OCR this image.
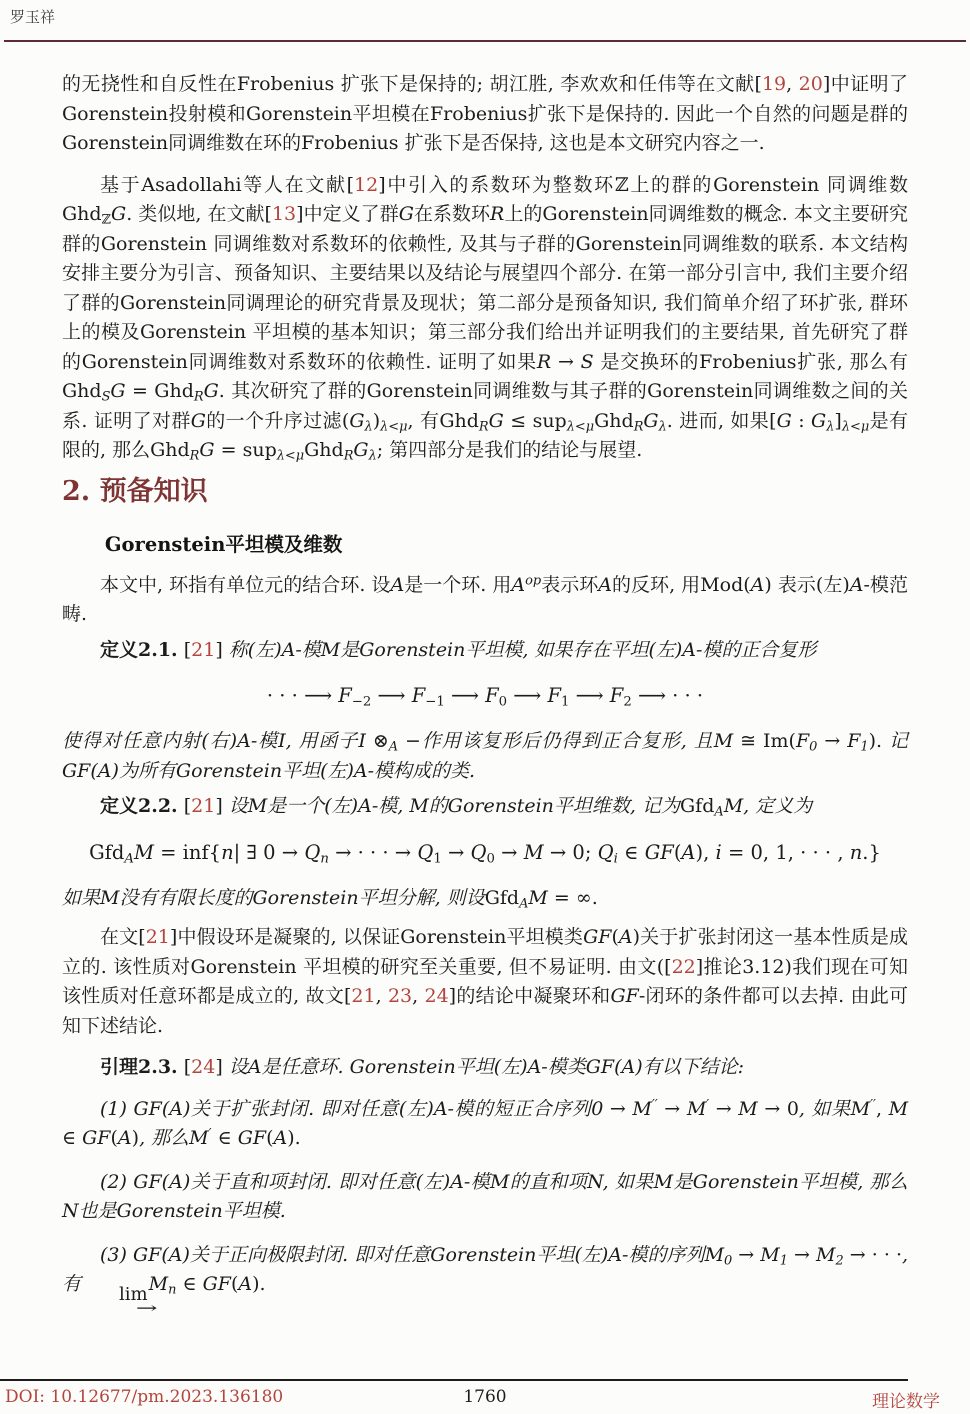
罗玉祥

的无挠性和自反性在Frobenius 扩张下是保持的; 胡江胜, 李欢欢和任伟等在文献[19, 20]中证明了Gorenstein投射模和Gorenstein平坦模在Frobenius扩张下是保持的. 因此一个自然的问题是群的Gorenstein同调维数在环的Frobenius 扩张下是否保持, 这也是本文研究内容之一.

基于Asadollahi等人在文献[12]中引入的系数环为整数环ℤ上的群的Gorenstein 同调维数Ghd$_ℤ$G. 类似地, 在文献[13]中定义了群G在系数环R上的Gorenstein同调维数的概念. 本文主要研究群的Gorenstein 同调维数对系数环的依赖性, 及其与子群的Gorenstein同调维数的联系. 本文结构安排主要分为引言、预备知识、主要结果以及结论与展望四个部分. 在第一部分引言中, 我们主要介绍了群的Gorenstein同调理论的研究背景及现状；第二部分是预备知识, 我们简单介绍了环扩张, 群环上的模及Gorenstein 平坦模的基本知识；第三部分我们给出并证明我们的主要结果, 首先研究了群的Gorenstein同调维数对系数环的依赖性. 证明了如果R → S 是交换环的Frobenius扩张, 那么有Ghd$_S$G = Ghd$_R$G. 其次研究了群的Gorenstein同调维数与其子群的Gorenstein同调维数之间的关系. 证明了对群G的一个升序过滤$(G_\lambda)_{\lambda<\mu}$, 有$Ghd_RG \le sup_{\lambda<\mu}Ghd_RG_\lambda$. 进而, 如果[G : $G_\lambda]_{\lambda<\mu}$是有限的, 那么$Ghd_RG = sup_{\lambda<\mu}Ghd_RG_\lambda$; 第四部分是我们的结论与展望.

2. 预备知识
Gorenstein平坦模及维数

本文中, 环指有单位元的结合环. 设A是一个环. 用$A^{op}$表示环A的反环, 用Mod(A) 表示(左)A-模范畴.

定义2.1. [21] 称(左)A-模M是Gorenstein平坦模, 如果存在平坦(左)A-模的正合复形

· · · ⟶ $F_{-2}$ ⟶ $F_{-1}$ ⟶ $F_0$ ⟶ $F_1$ ⟶ $F_2$ ⟶ · · ·

使得对任意内射(右)A-模I, 用函子I $\otimes_A$ −作用该复形后仍得到正合复形, 且M ≅ $Im(F_0 \to F_1)$. 记GF(A)为所有Gorenstein平坦(左)A-模构成的类.

定义2.2. [21] 设M是一个(左)A-模, M的Gorenstein平坦维数, 记为Gfd$_A$M, 定义为

Gfd$_A$M = inf{n| ∃ $0 \to Q_n$ → · · · → $Q_1 \to Q_0 \to M \to 0$; $Q_i$ ∈ GF(A), i = 0, 1, · · · , n.}

如果M没有有限长度的Gorenstein平坦分解, 则设Gfd$_A$M = ∞.

在文[21]中假设环是凝聚的, 以保证Gorenstein平坦模类GF(A)关于扩张封闭这一基本性质是成立的. 该性质对Gorenstein 平坦模的研究至关重要, 但不易证明. 由文([22]推论3.12)我们现在可知该性质对任意环都是成立的, 故文[21, 23, 24]的结论中凝聚环和GF-闭环的条件都可以去掉. 由此可知下述结论.

引理2.3. [24] 设A是任意环. Gorenstein平坦(左)A-模类GF(A)有以下结论:

(1) GF(A)关于扩张封闭. 即对任意(左)A-模的短正合序列0 → M′′ → M′ → M → 0, 如果M′′, M ∈ GF(A), 那么M′ ∈ GF(A).

(2) GF(A)关于直和项封闭. 即对任意(左)A-模M的直和项N, 如果M是Gorenstein平坦模, 那么N也是Gorenstein平坦模.

(3) GF(A)关于正向极限封闭. 即对任意Gorenstein平坦(左)A-模的序列$M_0 \to M_1 \to M_2$ → · · ·, 有	lim
→
$M_n$ ∈ GF(A).

DOI: 10.12677/pm.2023.136180	1760	理论数学
